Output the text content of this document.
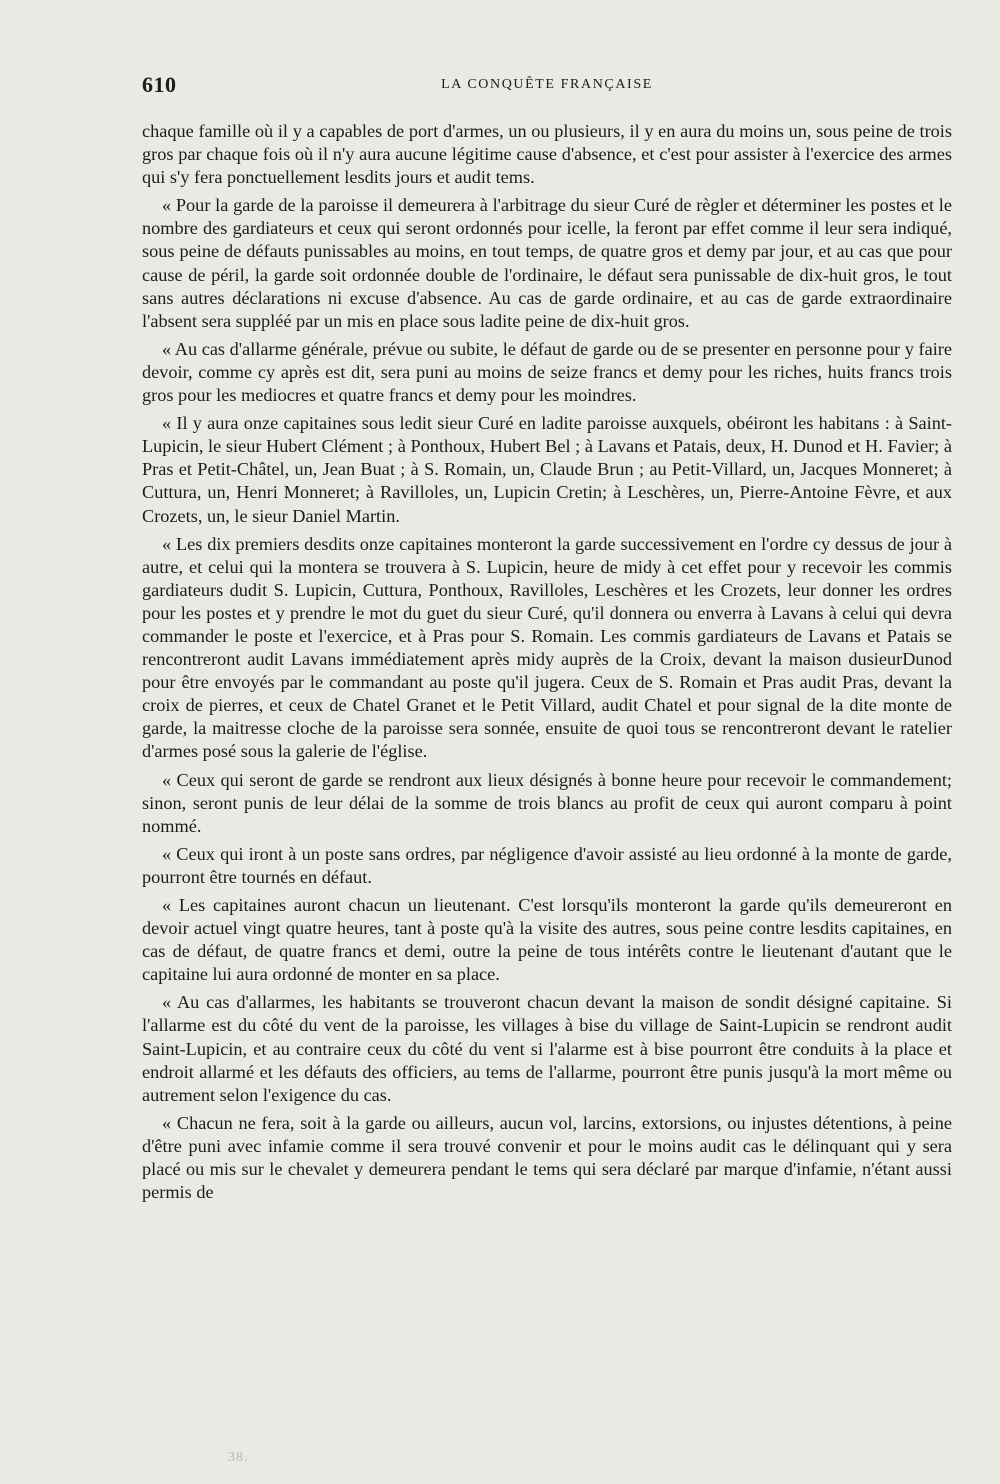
610	LA CONQUÊTE FRANÇAISE

chaque famille où il y a capables de port d'armes, un ou plusieurs, il y en aura du moins un, sous peine de trois gros par chaque fois où il n'y aura aucune légitime cause d'absence, et c'est pour assister à l'exercice des armes qui s'y fera ponctuellement lesdits jours et audit tems.

« Pour la garde de la paroisse il demeurera à l'arbitrage du sieur Curé de règler et déterminer les postes et le nombre des gardiateurs et ceux qui seront ordonnés pour icelle, la feront par effet comme il leur sera indiqué, sous peine de défauts punissables au moins, en tout temps, de quatre gros et demy par jour, et au cas que pour cause de péril, la garde soit ordonnée double de l'ordinaire, le défaut sera punissable de dix-huit gros, le tout sans autres déclarations ni excuse d'absence. Au cas de garde ordinaire, et au cas de garde extraordinaire l'absent sera suppléé par un mis en place sous ladite peine de dix-huit gros.

« Au cas d'allarme générale, prévue ou subite, le défaut de garde ou de se presenter en personne pour y faire devoir, comme cy après est dit, sera puni au moins de seize francs et demy pour les riches, huits francs trois gros pour les mediocres et quatre francs et demy pour les moindres.

« Il y aura onze capitaines sous ledit sieur Curé en ladite paroisse auxquels, obéiront les habitans : à Saint-Lupicin, le sieur Hubert Clément ; à Ponthoux, Hubert Bel ; à Lavans et Patais, deux, H. Dunod et H. Favier; à Pras et Petit-Châtel, un, Jean Buat ; à S. Romain, un, Claude Brun ; au Petit-Villard, un, Jacques Monneret; à Cuttura, un, Henri Monneret; à Ravilloles, un, Lupicin Cretin; à Leschères, un, Pierre-Antoine Fèvre, et aux Crozets, un, le sieur Daniel Martin.

« Les dix premiers desdits onze capitaines monteront la garde successivement en l'ordre cy dessus de jour à autre, et celui qui la montera se trouvera à S. Lupicin, heure de midy à cet effet pour y recevoir les commis gardiateurs dudit S. Lupicin, Cuttura, Ponthoux, Ravilloles, Leschères et les Crozets, leur donner les ordres pour les postes et y prendre le mot du guet du sieur Curé, qu'il donnera ou enverra à Lavans à celui qui devra commander le poste et l'exercice, et à Pras pour S. Romain. Les commis gardiateurs de Lavans et Patais se rencontreront audit Lavans immédiatement après midy auprès de la Croix, devant la maison dusieurDunod pour être envoyés par le commandant au poste qu'il jugera. Ceux de S. Romain et Pras audit Pras, devant la croix de pierres, et ceux de Chatel Granet et le Petit Villard, audit Chatel et pour signal de la dite monte de garde, la maitresse cloche de la paroisse sera sonnée, ensuite de quoi tous se rencontreront devant le ratelier d'armes posé sous la galerie de l'église.

« Ceux qui seront de garde se rendront aux lieux désignés à bonne heure pour recevoir le commandement; sinon, seront punis de leur délai de la somme de trois blancs au profit de ceux qui auront comparu à point nommé.

« Ceux qui iront à un poste sans ordres, par négligence d'avoir assisté au lieu ordonné à la monte de garde, pourront être tournés en défaut.

« Les capitaines auront chacun un lieutenant. C'est lorsqu'ils monteront la garde qu'ils demeureront en devoir actuel vingt quatre heures, tant à poste qu'à la visite des autres, sous peine contre lesdits capitaines, en cas de défaut, de quatre francs et demi, outre la peine de tous intérêts contre le lieutenant d'autant que le capitaine lui aura ordonné de monter en sa place.

« Au cas d'allarmes, les habitants se trouveront chacun devant la maison de sondit désigné capitaine. Si l'allarme est du côté du vent de la paroisse, les villages à bise du village de Saint-Lupicin se rendront audit Saint-Lupicin, et au contraire ceux du côté du vent si l'alarme est à bise pourront être conduits à la place et endroit allarmé et les défauts des officiers, au tems de l'allarme, pourront être punis jusqu'à la mort même ou autrement selon l'exigence du cas.

« Chacun ne fera, soit à la garde ou ailleurs, aucun vol, larcins, extorsions, ou injustes détentions, à peine d'être puni avec infamie comme il sera trouvé convenir et pour le moins audit cas le délinquant qui y sera placé ou mis sur le chevalet y demeurera pendant le tems qui sera déclaré par marque d'infamie, n'étant aussi permis de

38.
